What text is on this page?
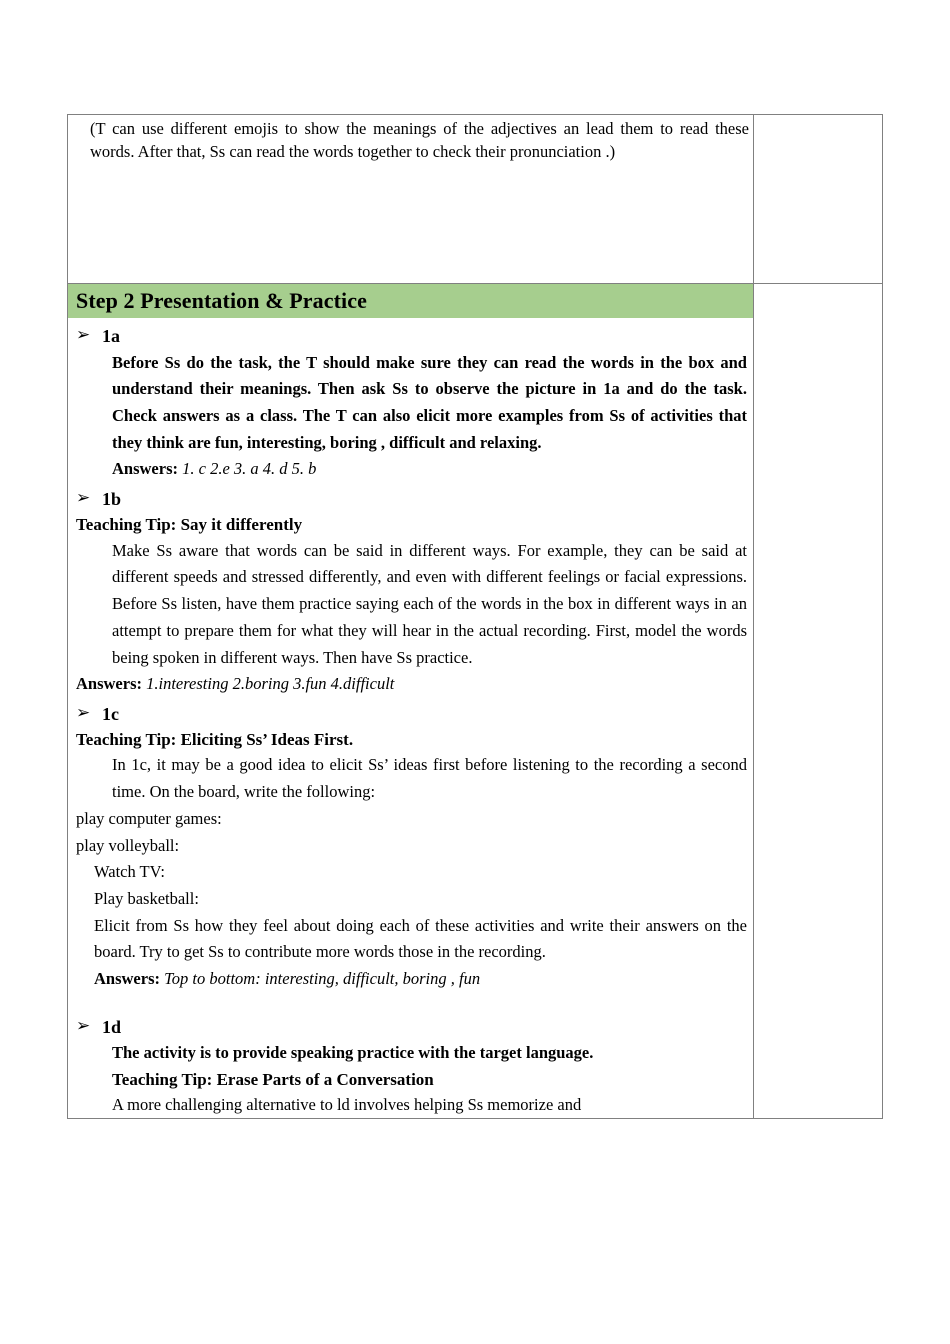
(T can use different emojis to show the meanings of the adjectives an lead them to read these words. After that, Ss can read the words together to check their pronunciation .)	

Step 2 Presentation & Practice
➢ 1a

Before Ss do the task, the T should make sure they can read the words in the box and understand their meanings. Then ask Ss to observe the picture in 1a and do the task. Check answers as a class. The T can also elicit more examples from Ss of activities that they think are fun, interesting, boring , difficult and relaxing.

Answers: 1. c 2.e 3. a 4. d 5. b

➢ 1b

Teaching Tip: Say it differently

Make Ss aware that words can be said in different ways. For example, they can be said at different speeds and stressed differently, and even with different feelings or facial expressions. Before Ss listen, have them practice saying each of the words in the box in different ways in an attempt to prepare them for what they will hear in the actual recording. First, model the words being spoken in different ways. Then have Ss practice.

Answers: 1.interesting 2.boring 3.fun 4.difficult

➢ 1c

Teaching Tip: Eliciting Ss’ Ideas First.

In 1c, it may be a good idea to elicit Ss’ ideas first before listening to the recording a second time. On the board, write the following:

play computer games:

play volleyball:

Watch TV:

Play basketball:

Elicit from Ss how they feel about doing each of these activities and write their answers on the board. Try to get Ss to contribute more words those in the recording.

Answers: Top to bottom: interesting, difficult, boring , fun

➢ 1d

The activity is to provide speaking practice with the target language.

Teaching Tip: Erase Parts of a Conversation

A more challenging alternative to ld involves helping Ss memorize and
